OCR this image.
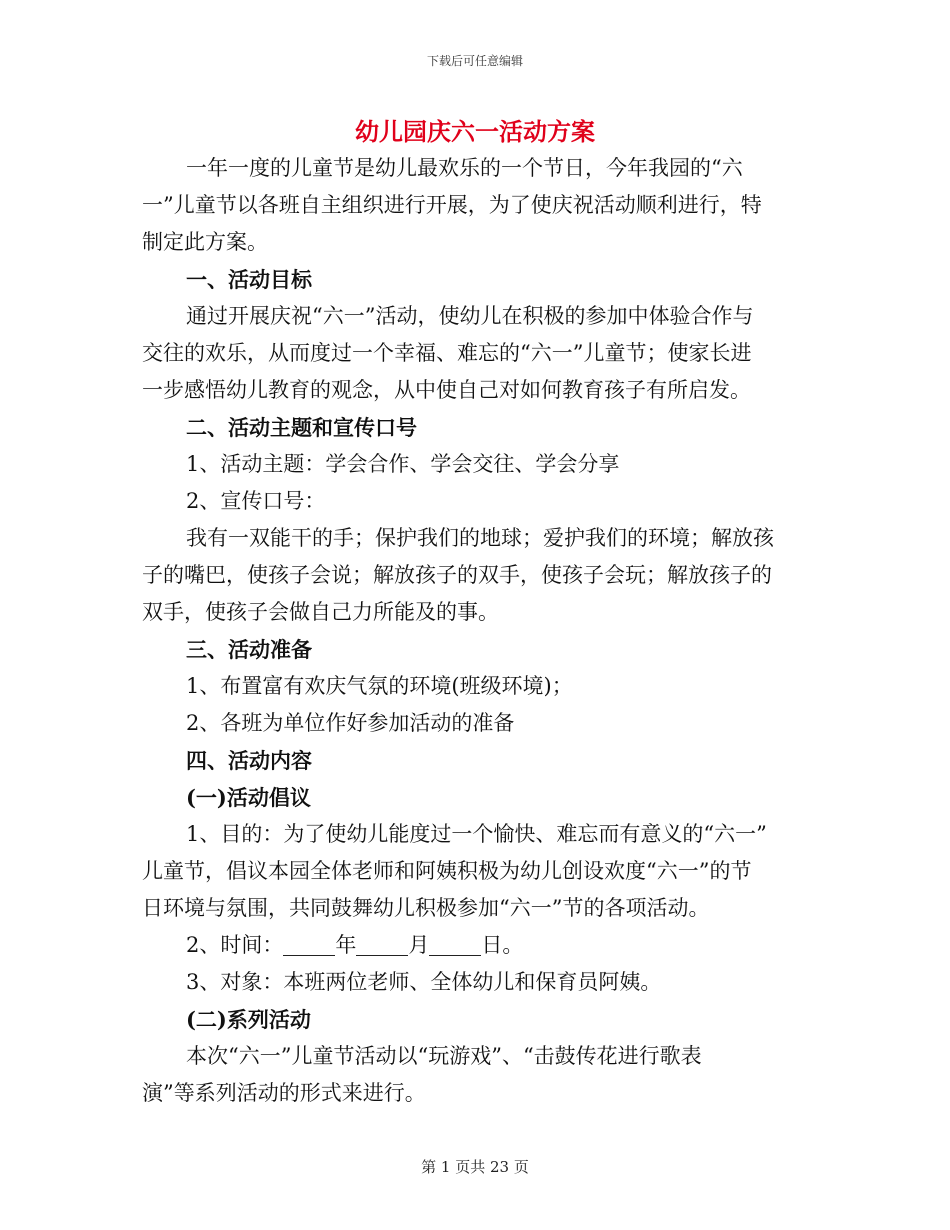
下载后可任意编辑
幼儿园庆六一活动方案
一年一度的儿童节是幼儿最欢乐的一个节日，今年我园的“六
一”儿童节以各班自主组织进行开展，为了使庆祝活动顺利进行，特
制定此方案。
一、活动目标
通过开展庆祝“六一”活动，使幼儿在积极的参加中体验合作与
交往的欢乐，从而度过一个幸福、难忘的“六一”儿童节；使家长进
一步感悟幼儿教育的观念，从中使自己对如何教育孩子有所启发。
二、活动主题和宣传口号
1、活动主题：学会合作、学会交往、学会分享
2、宣传口号：
我有一双能干的手；保护我们的地球；爱护我们的环境；解放孩
子的嘴巴，使孩子会说；解放孩子的双手，使孩子会玩；解放孩子的
双手，使孩子会做自己力所能及的事。
三、活动准备
1、布置富有欢庆气氛的环境(班级环境)；
2、各班为单位作好参加活动的准备
四、活动内容
(一)活动倡议
1、目的：为了使幼儿能度过一个愉快、难忘而有意义的“六一”
儿童节，倡议本园全体老师和阿姨积极为幼儿创设欢度“六一”的节
日环境与氛围，共同鼓舞幼儿积极参加“六一”节的各项活动。
2、时间： 年 月 日。
3、对象：本班两位老师、全体幼儿和保育员阿姨。
(二)系列活动
本次“六一”儿童节活动以“玩游戏”、“击鼓传花进行歌表
演”等系列活动的形式来进行。
第 1 页共 23 页
